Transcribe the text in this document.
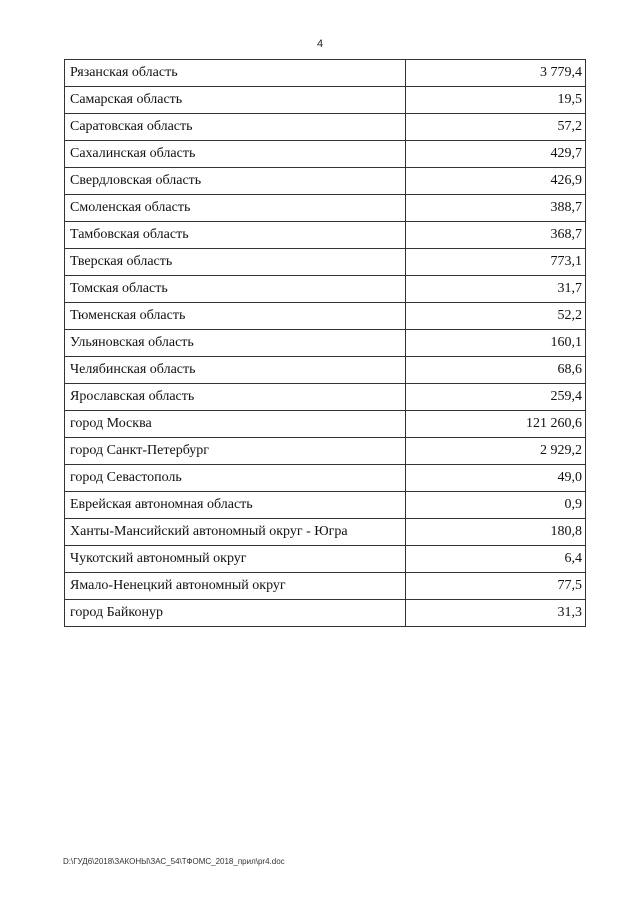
4
Рязанская область	3 779,4
Самарская область	19,5
Саратовская область	57,2
Сахалинская область	429,7
Свердловская область	426,9
Смоленская область	388,7
Тамбовская область	368,7
Тверская область	773,1
Томская область	31,7
Тюменская область	52,2
Ульяновская область	160,1
Челябинская область	68,6
Ярославская область	259,4
город Москва	121 260,6
город Санкт-Петербург	2 929,2
город Севастополь	49,0
Еврейская автономная область	0,9
Ханты-Мансийский автономный округ - Югра	180,8
Чукотский автономный округ	6,4
Ямало-Ненецкий автономный округ	77,5
город Байконур	31,3
D:\ГУД6\2018\ЗАКОНЫ\ЗАС_54\ТФОМС_2018_прил\pr4.doc
